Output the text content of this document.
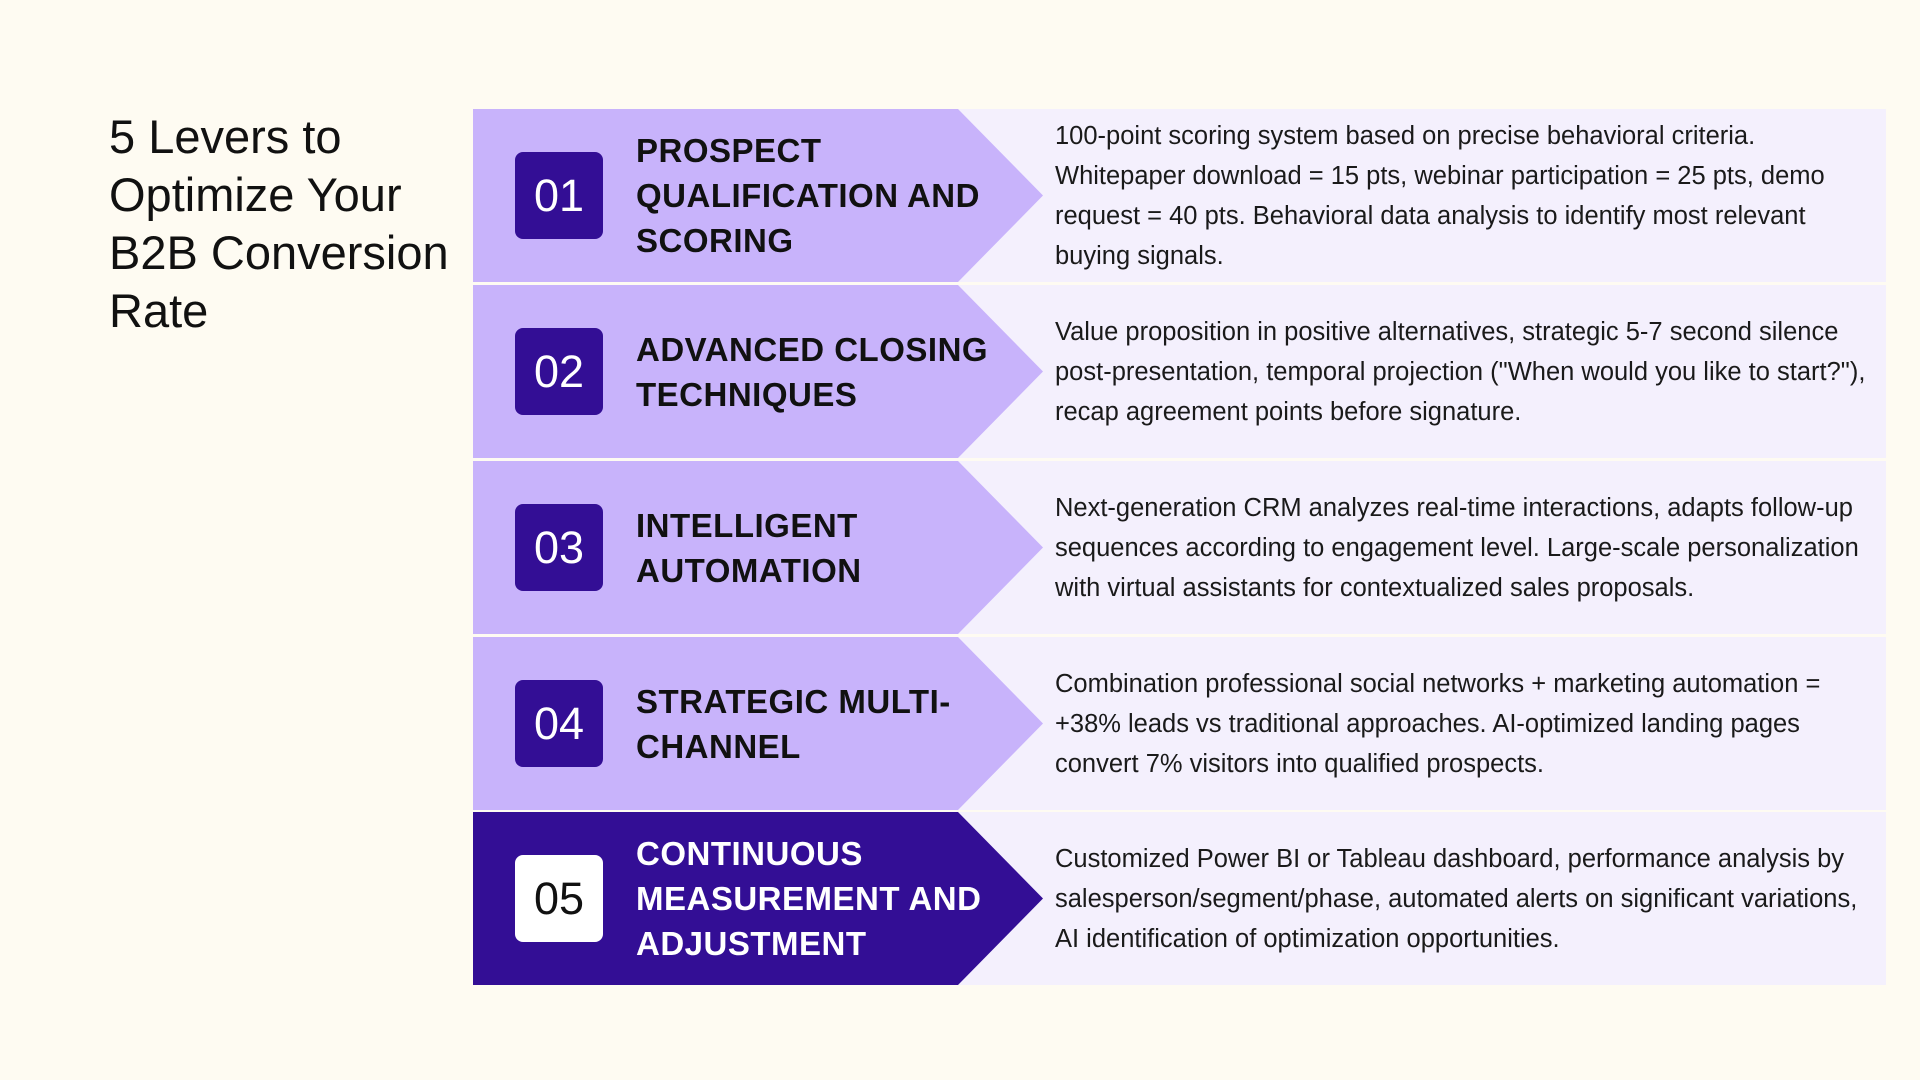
5 Levers to Optimize Your B2B Conversion Rate
01
PROSPECT QUALIFICATION AND SCORING
100-point scoring system based on precise behavioral criteria. Whitepaper download = 15 pts, webinar participation = 25 pts, demo request = 40 pts. Behavioral data analysis to identify most relevant buying signals.
02	ADVANCED CLOSING TECHNIQUES
Value proposition in positive alternatives, strategic 5-7 second silence post-presentation, temporal projection ("When would you like to start?"), recap agreement points before signature.
03	INTELLIGENT AUTOMATION
Next-generation CRM analyzes real-time interactions, adapts follow-up sequences according to engagement level. Large-scale personalization with virtual assistants for contextualized sales proposals.
04	STRATEGIC MULTI-CHANNEL
Combination professional social networks + marketing automation = +38% leads vs traditional approaches. AI-optimized landing pages convert 7% visitors into qualified prospects.
05
CONTINUOUS MEASUREMENT AND ADJUSTMENT
Customized Power BI or Tableau dashboard, performance analysis by salesperson/segment/phase, automated alerts on significant variations, AI identification of optimization opportunities.
